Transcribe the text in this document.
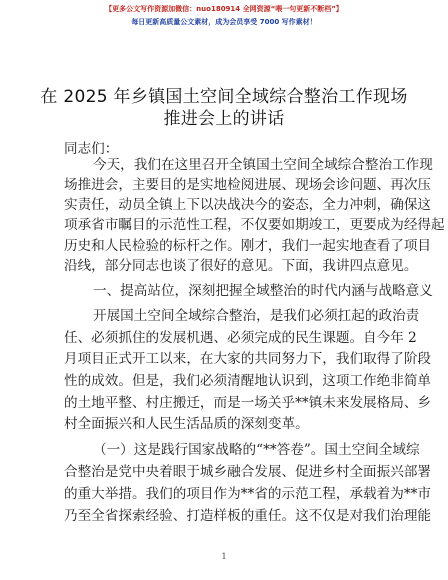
【更多公文写作资源加微信：nuo180914 全网资源“喂一句更新不断档”】
每日更新高质量公文素材，成为会员享受 7000 写作素材！
在 2025 年乡镇国土空间全域综合整治工作现场
推进会上的讲话
同志们：
今天，我们在这里召开全镇国土空间全域综合整治工作现
场推进会，主要目的是实地检阅进展、现场会诊问题、再次压
实责任，动员全镇上下以决战决今的姿态，全力冲刺，确保这
项承省市瞩目的示范性工程，不仅要如期竣工，更要成为经得起
历史和人民检验的标杆之作。刚才，我们一起实地查看了项目
沿线，部分同志也谈了很好的意见。下面，我讲四点意见。
一、提高站位，深刻把握全域整治的时代内涵与战略意义
开展国土空间全域综合整治，是我们必须扛起的政治责
任、必须抓住的发展机遇、必须完成的民生课题。自今年 2
月项目正式开工以来，在大家的共同努力下，我们取得了阶段
性的成效。但是，我们必须清醒地认识到，这项工作绝非简单
的土地平整、村庄搬迁，而是一场关乎**镇未来发展格局、乡
村全面振兴和人民生活品质的深刻变革。
（一）这是践行国家战略的“**答卷”。国土空间全域综
合整治是党中央着眼于城乡融合发展、促进乡村全面振兴部署
的重大举措。我们的项目作为**省的示范工程，承载着为**市
乃至全省探索经验、打造样板的重任。这不仅是对我们治理能
1
